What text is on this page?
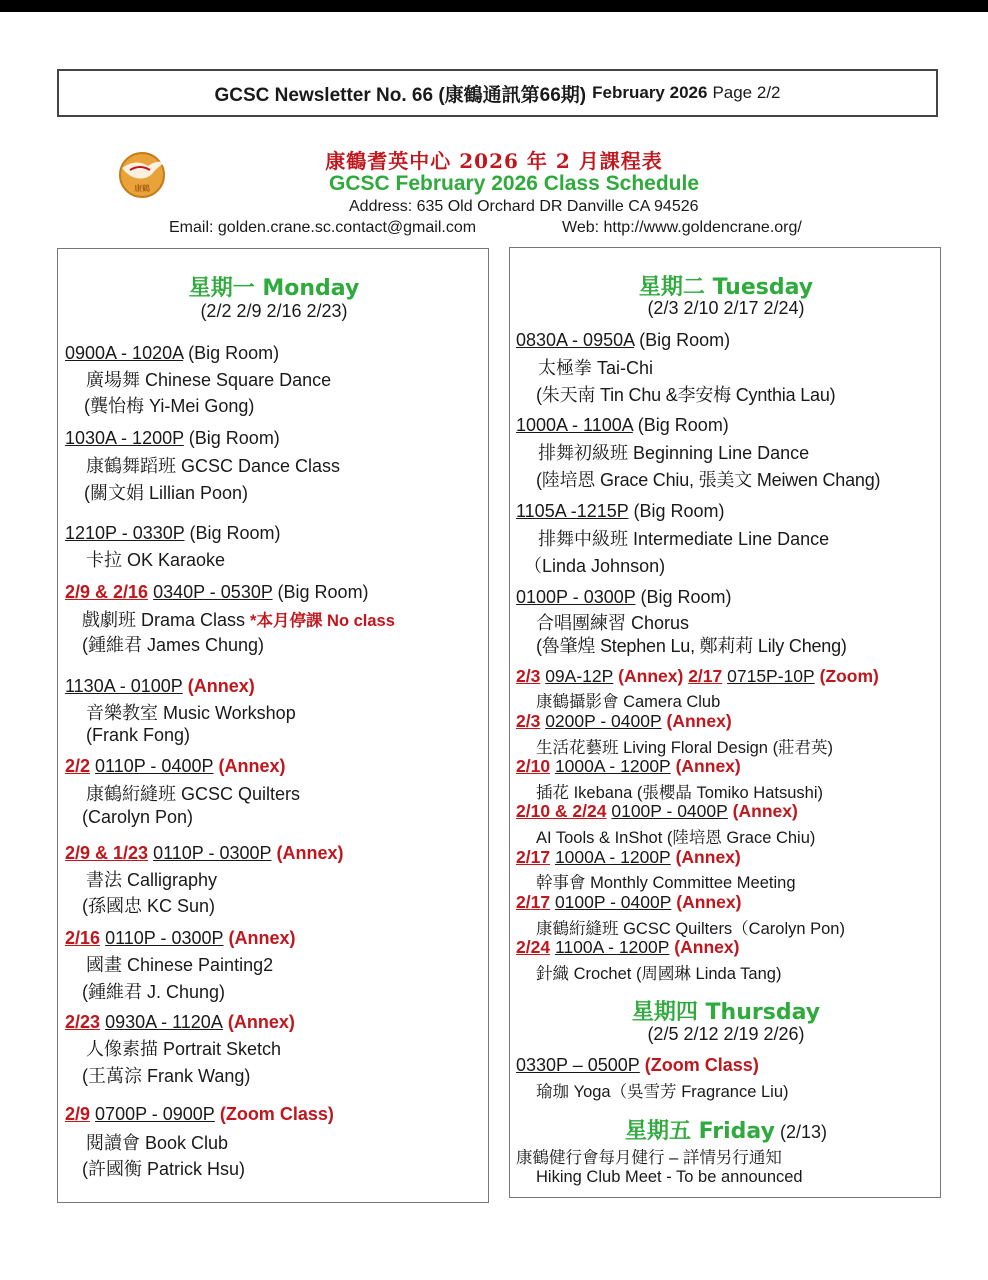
GCSC Newsletter No. 66 (康鶴通訊第66期) February 2026 Page 2/2
康鶴
康鶴耆英中心 2026 年 2 月課程表
GCSC February 2026 Class Schedule
Address: 635 Old Orchard DR Danville CA 94526
Email: golden.crane.sc.contact@gmail.com	Web: http://www.goldencrane.org/
星期一 Monday
(2/2 2/9 2/16 2/23)
0900A - 1020A (Big Room)
廣場舞 Chinese Square Dance
(龔怡梅 Yi-Mei Gong)
1030A - 1200P (Big Room)
康鶴舞蹈班 GCSC Dance Class
(關文娟 Lillian Poon)
1210P - 0330P (Big Room)
卡拉 OK Karaoke
2/9 & 2/16 0340P - 0530P (Big Room)
戲劇班 Drama Class *本月停課 No class
(鍾維君 James Chung)
1130A - 0100P (Annex)
音樂教室 Music Workshop
(Frank Fong)
2/2 0110P - 0400P (Annex)
康鶴絎縫班 GCSC Quilters
(Carolyn Pon)
2/9 & 1/23 0110P - 0300P (Annex)
書法 Calligraphy
(孫國忠 KC Sun)
2/16 0110P - 0300P (Annex)
國畫 Chinese Painting2
(鍾維君 J. Chung)
2/23 0930A - 1120A (Annex)
人像素描 Portrait Sketch
(王萬淙 Frank Wang)
2/9 0700P - 0900P (Zoom Class)
閱讀會 Book Club
(許國衡 Patrick Hsu)
星期二 Tuesday
(2/3 2/10 2/17 2/24)
0830A - 0950A (Big Room)
太極拳 Tai-Chi
(朱天南 Tin Chu &李安梅 Cynthia Lau)
1000A - 1100A (Big Room)
排舞初級班 Beginning Line Dance
(陸培恩 Grace Chiu, 張美文 Meiwen Chang)
1105A -1215P (Big Room)
排舞中級班 Intermediate Line Dance
（Linda Johnson)
0100P - 0300P (Big Room)
合唱團練習 Chorus
(魯肇煌 Stephen Lu, 鄭莉莉 Lily Cheng)
2/3 09A-12P (Annex) 2/17 0715P-10P (Zoom)
康鶴攝影會 Camera Club
2/3 0200P - 0400P (Annex)
生活花藝班 Living Floral Design (莊君英)
2/10 1000A - 1200P (Annex)
插花 Ikebana (張櫻晶 Tomiko Hatsushi)
2/10 & 2/24 0100P - 0400P (Annex)
AI Tools & InShot (陸培恩 Grace Chiu)
2/17 1000A - 1200P (Annex)
幹事會 Monthly Committee Meeting
2/17 0100P - 0400P (Annex)
康鶴絎縫班 GCSC Quilters（Carolyn Pon)
2/24 1100A - 1200P (Annex)
針織 Crochet (周國琳 Linda Tang)
星期四 Thursday
(2/5 2/12 2/19 2/26)
0330P – 0500P (Zoom Class)
瑜珈 Yoga（吳雪芳 Fragrance Liu)
星期五 Friday (2/13)
康鶴健行會每月健行 – 詳情另行通知
Hiking Club Meet - To be announced
